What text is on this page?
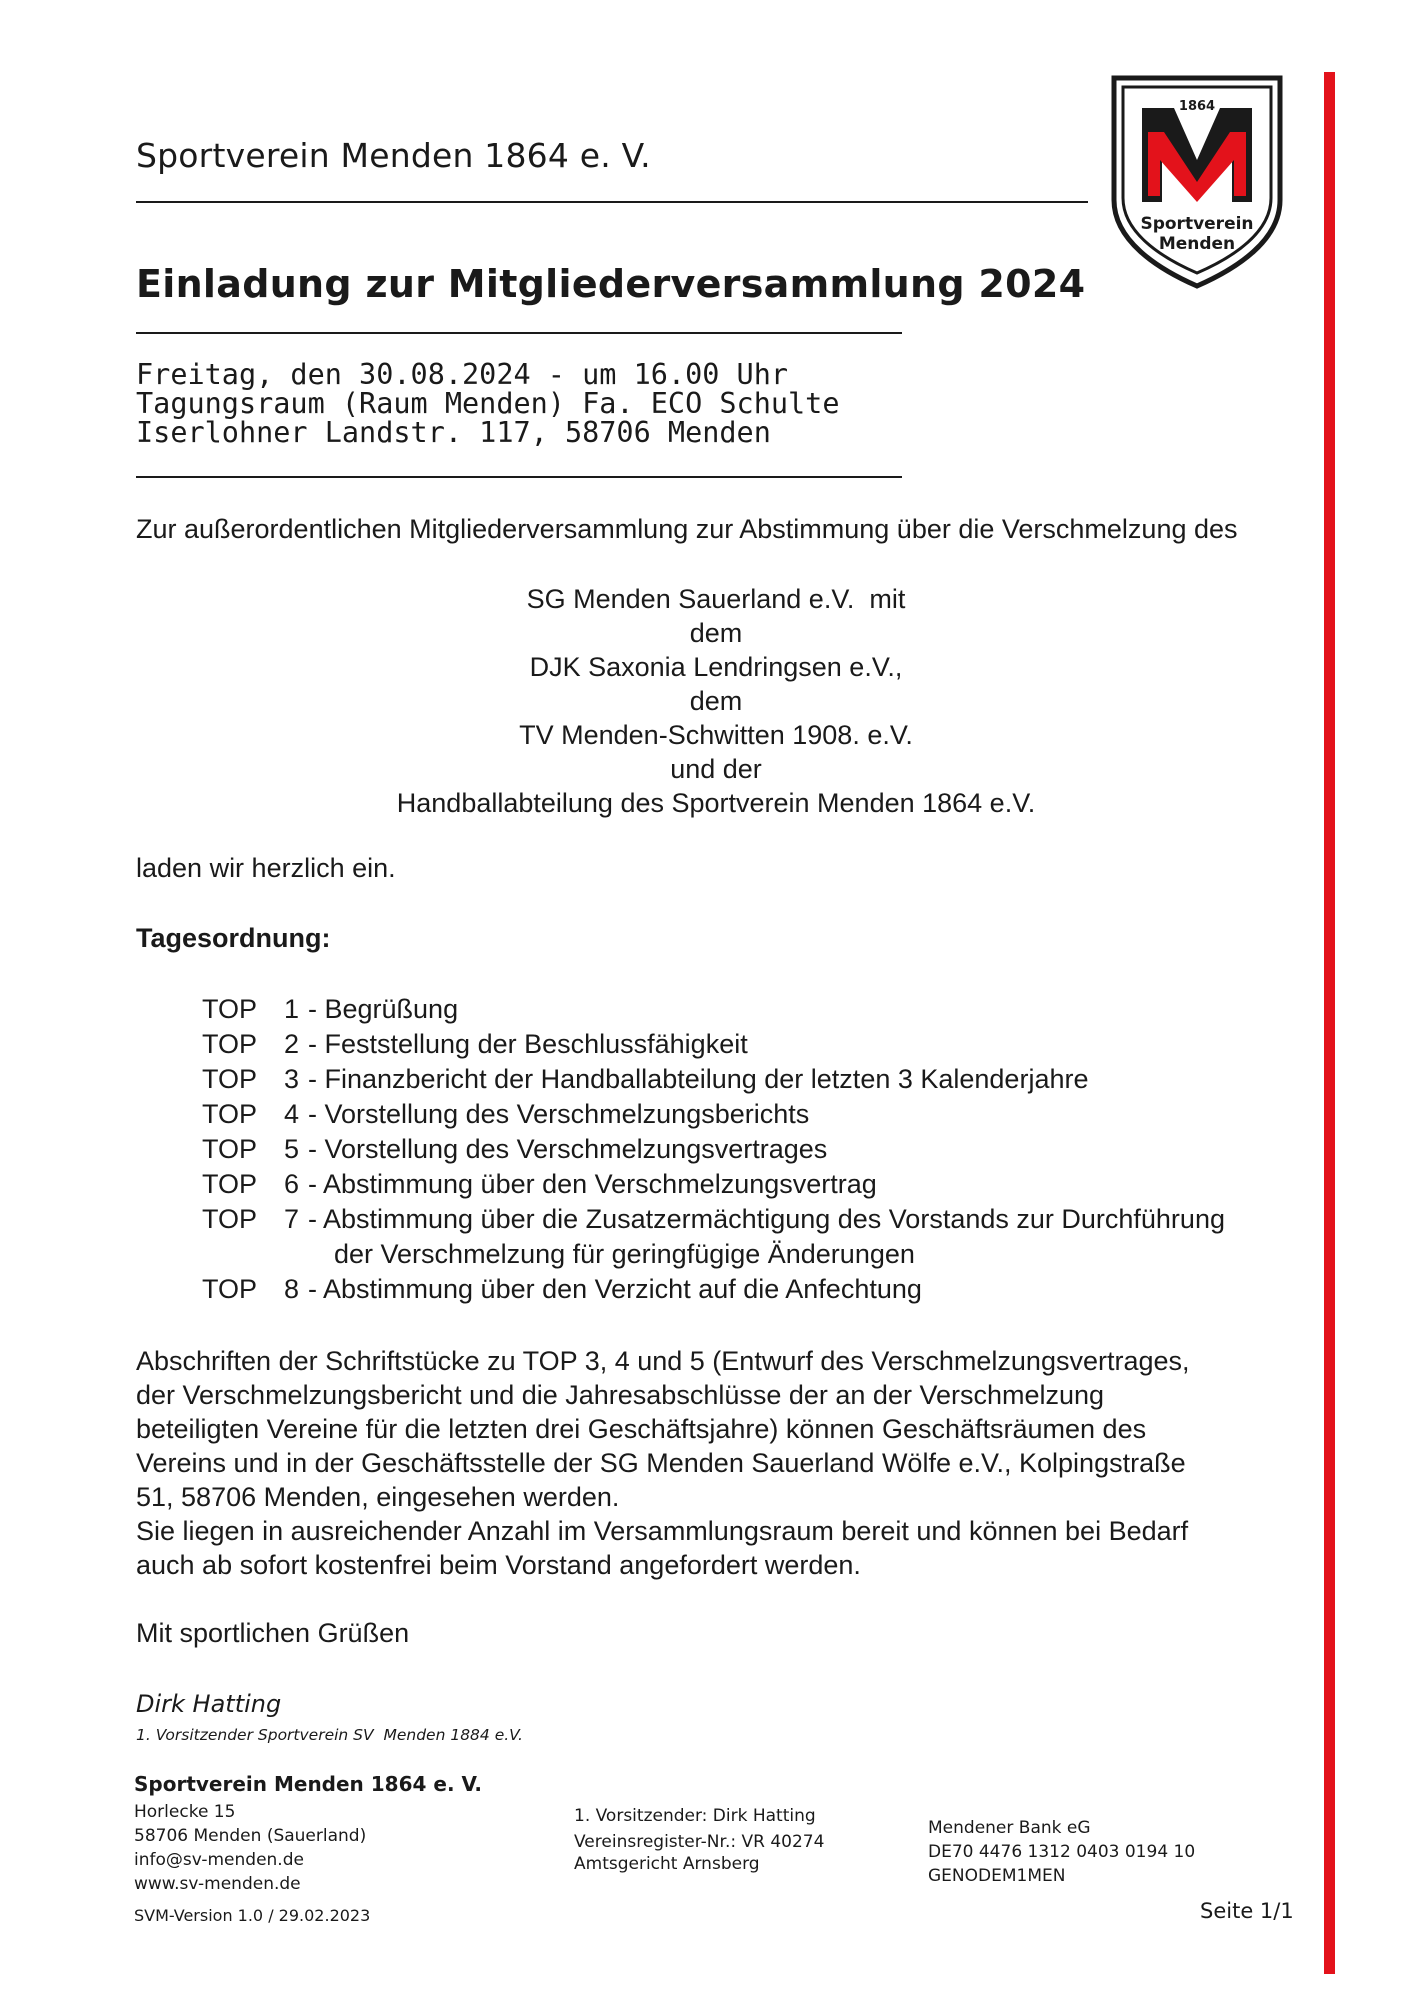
Sportverein Menden 1864 e. V.
1864
Sportverein
Menden
Einladung zur Mitgliederversammlung 2024
Freitag, den 30.08.2024 - um 16.00 Uhr
Tagungsraum (Raum Menden) Fa. ECO Schulte
Iserlohner Landstr. 117, 58706 Menden
Zur außerordentlichen Mitgliederversammlung zur Abstimmung über die Verschmelzung des
SG Menden Sauerland e.V.  mit
dem
DJK Saxonia Lendringsen e.V.,
dem
TV Menden-Schwitten 1908. e.V.
und der
Handballabteilung des Sportverein Menden 1864 e.V.
laden wir herzlich ein.
Tagesordnung:
TOP 1 - Begrüßung
TOP 2 - Feststellung der Beschlussfähigkeit
TOP 3 - Finanzbericht der Handballabteilung der letzten 3 Kalenderjahre
TOP 4 - Vorstellung des Verschmelzungsberichts
TOP 5 - Vorstellung des Verschmelzungsvertrages
TOP 6 - Abstimmung über den Verschmelzungsvertrag
TOP 7 - Abstimmung über die Zusatzermächtigung des Vorstands zur Durchführung
der Verschmelzung für geringfügige Änderungen
TOP 8 - Abstimmung über den Verzicht auf die Anfechtung
Abschriften der Schriftstücke zu TOP 3, 4 und 5 (Entwurf des Verschmelzungsvertrages,
der Verschmelzungsbericht und die Jahresabschlüsse der an der Verschmelzung
beteiligten Vereine für die letzten drei Geschäftsjahre) können Geschäftsräumen des
Vereins und in der Geschäftsstelle der SG Menden Sauerland Wölfe e.V., Kolpingstraße
51, 58706 Menden, eingesehen werden.
Sie liegen in ausreichender Anzahl im Versammlungsraum bereit und können bei Bedarf
auch ab sofort kostenfrei beim Vorstand angefordert werden.
Mit sportlichen Grüßen
Dirk Hatting
1. Vorsitzender Sportverein SV  Menden 1884 e.V.
Sportverein Menden 1864 e. V.
Horlecke 15
58706 Menden (Sauerland)
info@sv-menden.de
www.sv-menden.de
SVM-Version 1.0 / 29.02.2023
1. Vorsitzender: Dirk Hatting
Vereinsregister-Nr.: VR 40274
Amtsgericht Arnsberg
Mendener Bank eG
DE70 4476 1312 0403 0194 10
GENODEM1MEN
Seite 1/1
